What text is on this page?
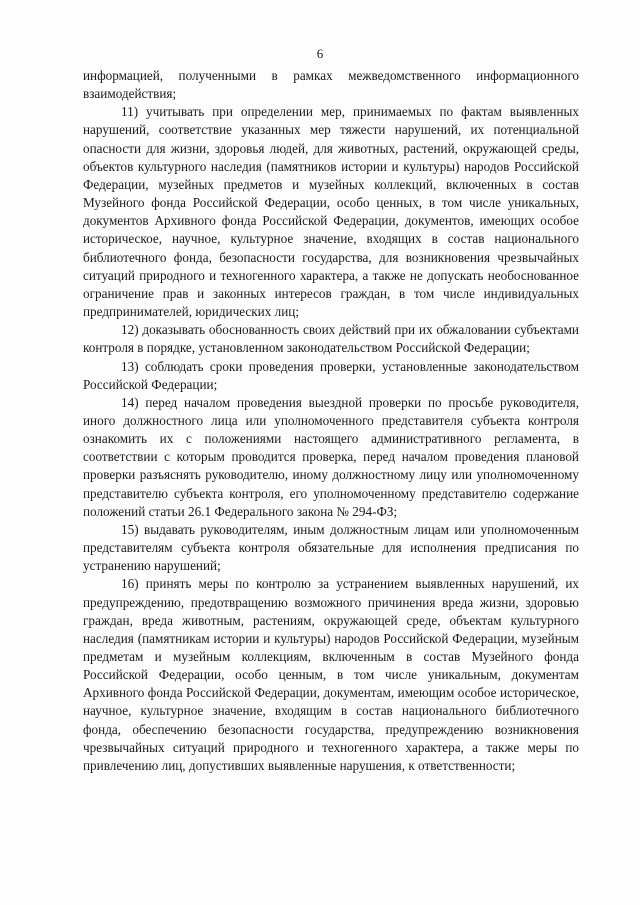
6

информацией, полученными в рамках межведомственного информационного взаимодействия;

11) учитывать при определении мер, принимаемых по фактам выявленных нарушений, соответствие указанных мер тяжести нарушений, их потенциальной опасности для жизни, здоровья людей, для животных, растений, окружающей среды, объектов культурного наследия (памятников истории и культуры) народов Российской Федерации, музейных предметов и музейных коллекций, включенных в состав Музейного фонда Российской Федерации, особо ценных, в том числе уникальных, документов Архивного фонда Российской Федерации, документов, имеющих особое историческое, научное, культурное значение, входящих в состав национального библиотечного фонда, безопасности государства, для возникновения чрезвычайных ситуаций природного и техногенного характера, а также не допускать необоснованное ограничение прав и законных интересов граждан, в том числе индивидуальных предпринимателей, юридических лиц;

12) доказывать обоснованность своих действий при их обжаловании субъектами контроля в порядке, установленном законодательством Российской Федерации;

13) соблюдать сроки проведения проверки, установленные законодательством Российской Федерации;

14) перед началом проведения выездной проверки по просьбе руководителя, иного должностного лица или уполномоченного представителя субъекта контроля ознакомить их с положениями настоящего административного регламента, в соответствии с которым проводится проверка, перед началом проведения плановой проверки разъяснять руководителю, иному должностному лицу или уполномоченному представителю субъекта контроля, его уполномоченному представителю содержание положений статьи 26.1 Федерального закона № 294-ФЗ;

15) выдавать руководителям, иным должностным лицам или уполномоченным представителям субъекта контроля обязательные для исполнения предписания по устранению нарушений;

16) принять меры по контролю за устранением выявленных нарушений, их предупреждению, предотвращению возможного причинения вреда жизни, здоровью граждан, вреда животным, растениям, окружающей среде, объектам культурного наследия (памятникам истории и культуры) народов Российской Федерации, музейным предметам и музейным коллекциям, включенным в состав Музейного фонда Российской Федерации, особо ценным, в том числе уникальным, документам Архивного фонда Российской Федерации, документам, имеющим особое историческое, научное, культурное значение, входящим в состав национального библиотечного фонда, обеспечению безопасности государства, предупреждению возникновения чрезвычайных ситуаций природного и техногенного характера, а также меры по привлечению лиц, допустивших выявленные нарушения, к ответственности;
